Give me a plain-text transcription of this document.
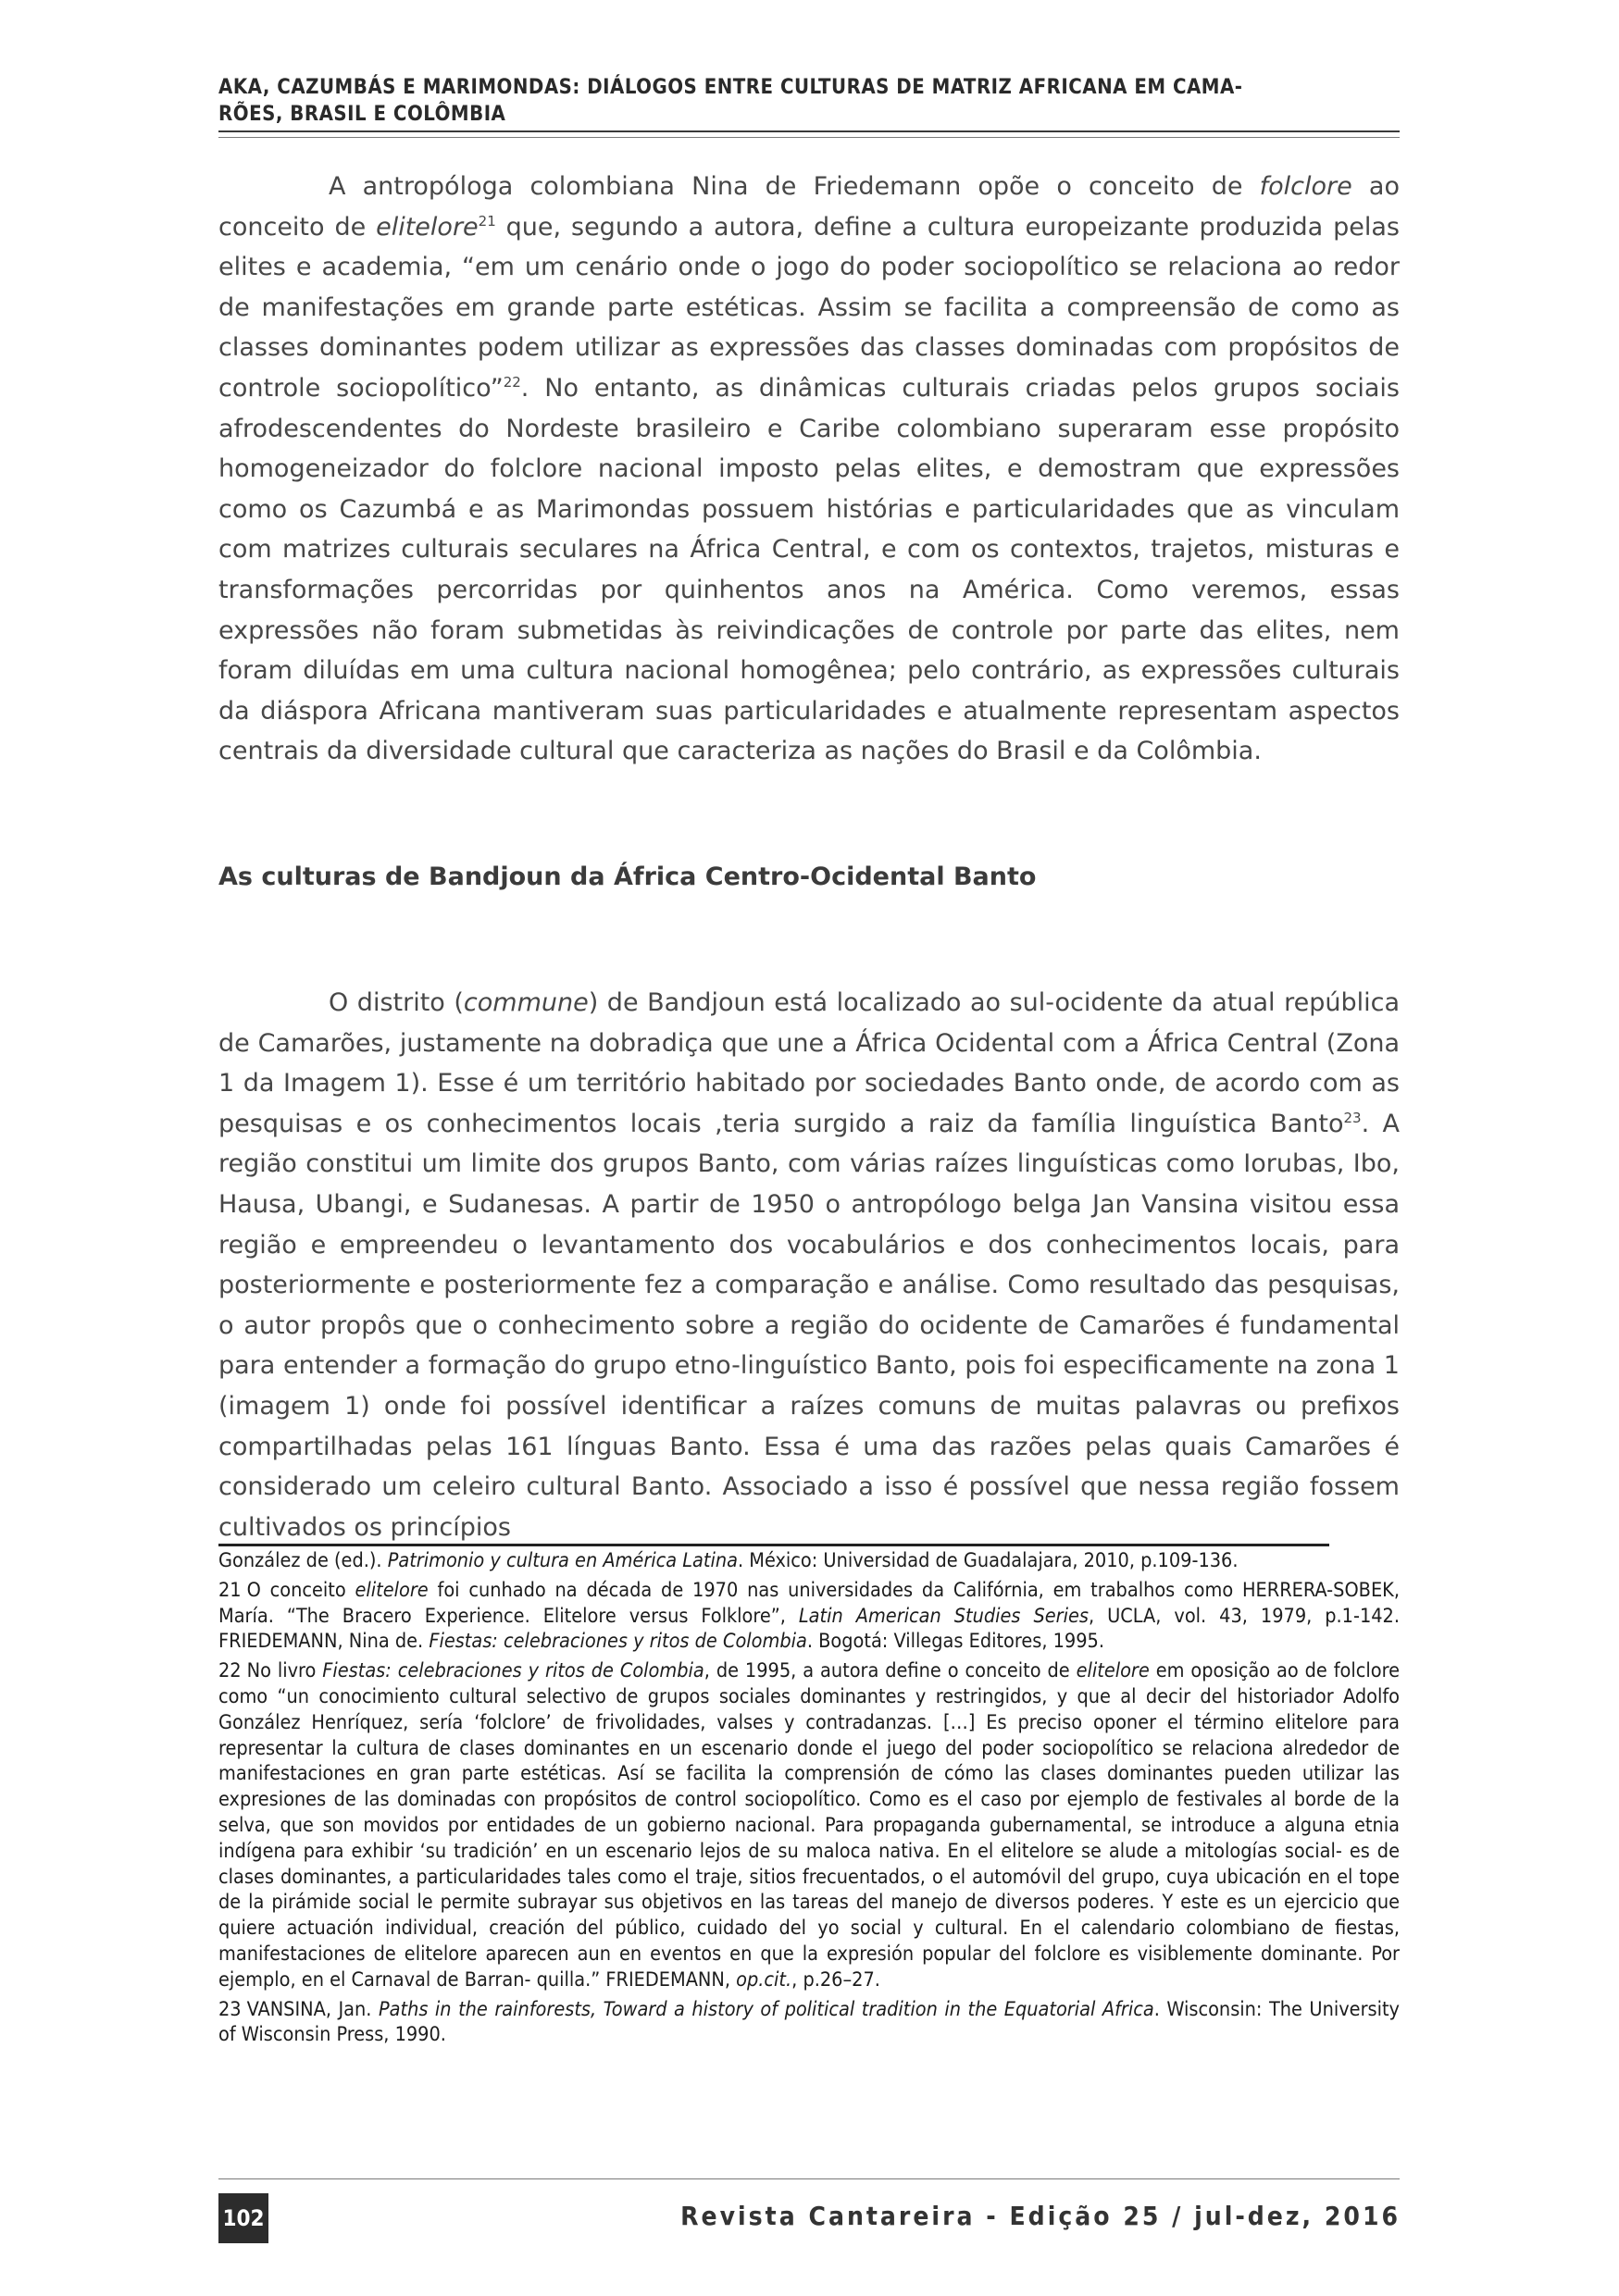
AKA, CAZUMBÁS E MARIMONDAS: DIÁLOGOS ENTRE CULTURAS DE MATRIZ AFRICANA EM CAMA-
RÕES, BRASIL E COLÔMBIA

A antropóloga colombiana Nina de Friedemann opõe o conceito de folclore ao conceito de elitelore$^{21}$ que, segundo a autora, define a cultura europeizante produzida pelas elites e academia, “em um cenário onde o jogo do poder sociopolítico se relaciona ao redor de manifestações em grande parte estéticas. Assim se facilita a compreensão de como as classes dominantes podem utilizar as expressões das classes dominadas com propósitos de controle sociopolítico”$^{22}$. No entanto, as dinâmicas culturais criadas pelos grupos sociais afrodescendentes do Nordeste brasileiro e Caribe colombiano superaram esse propósito homogeneizador do folclore nacional imposto pelas elites, e demostram que expressões como os Cazumbá e as Marimondas possuem histórias e particularidades que as vinculam com matrizes culturais seculares na África Central, e com os contextos, trajetos, misturas e transformações percorridas por quinhentos anos na América. Como veremos, essas expressões não foram submetidas às reivindicações de controle por parte das elites, nem foram diluídas em uma cultura nacional homogênea; pelo contrário, as expressões culturais da diáspora Africana mantiveram suas particularidades e atualmente representam aspectos centrais da diversidade cultural que caracteriza as nações do Brasil e da Colômbia.

As culturas de Bandjoun da África Centro-Ocidental Banto

O distrito (commune) de Bandjoun está localizado ao sul-ocidente da atual república de Camarões, justamente na dobradiça que une a África Ocidental com a África Central (Zona 1 da Imagem 1). Esse é um território habitado por sociedades Banto onde, de acordo com as pesquisas e os conhecimentos locais ,teria surgido a raiz da família linguística Banto$^{23}$. A região constitui um limite dos grupos Banto, com várias raízes linguísticas como Iorubas, Ibo, Hausa, Ubangi, e Sudanesas. A partir de 1950 o antropólogo belga Jan Vansina visitou essa região e empreendeu o levantamento dos vocabulários e dos conhecimentos locais, para posteriormente e posteriormente fez a comparação e análise. Como resultado das pesquisas, o autor propôs que o conhecimento sobre a região do ocidente de Camarões é fundamental para entender a formação do grupo etno-linguístico Banto, pois foi especificamente na zona 1 (imagem 1) onde foi possível identificar a raízes comuns de muitas palavras ou prefixos compartilhadas pelas 161 línguas Banto. Essa é uma das razões pelas quais Camarões é considerado um celeiro cultural Banto. Associado a isso é possível que nessa região fossem cultivados os princípios

González de (ed.). Patrimonio y cultura en América Latina. México: Universidad de Guadalajara, 2010, p.109-136.

21 O conceito elitelore foi cunhado na década de 1970 nas universidades da Califórnia, em trabalhos como HERRERA-SOBEK, María. “The Bracero Experience. Elitelore versus Folklore”, Latin American Studies Series, UCLA, vol. 43, 1979, p.1-142. FRIEDEMANN, Nina de. Fiestas: celebraciones y ritos de Colombia. Bogotá: Villegas Editores, 1995.

22 No livro Fiestas: celebraciones y ritos de Colombia, de 1995, a autora define o conceito de elitelore em oposição ao de folclore como “un conocimiento cultural selectivo de grupos sociales dominantes y restringidos, y que al decir del historiador Adolfo González Henríquez, sería ‘folclore’ de frivolidades, valses y contradanzas. […] Es preciso oponer el término elitelore para representar la cultura de clases dominantes en un escenario donde el juego del poder sociopolítico se relaciona alrededor de manifestaciones en gran parte estéticas. Así se facilita la comprensión de cómo las clases dominantes pueden utilizar las expresiones de las dominadas con propósitos de control sociopolítico. Como es el caso por ejemplo de festivales al borde de la selva, que son movidos por entidades de un gobierno nacional. Para propaganda gubernamental, se introduce a alguna etnia indígena para exhibir ‘su tradición’ en un escenario lejos de su maloca nativa. En el elitelore se alude a mitologías social- es de clases dominantes, a particularidades tales como el traje, sitios frecuentados, o el automóvil del grupo, cuya ubicación en el tope de la pirámide social le permite subrayar sus objetivos en las tareas del manejo de diversos poderes. Y este es un ejercicio que quiere actuación individual, creación del público, cuidado del yo social y cultural. En el calendario colombiano de fiestas, manifestaciones de elitelore aparecen aun en eventos en que la expresión popular del folclore es visiblemente dominante. Por ejemplo, en el Carnaval de Barran- quilla.” FRIEDEMANN, op.cit., p.26–27.

23 VANSINA, Jan. Paths in the rainforests, Toward a history of political tradition in the Equatorial Africa. Wisconsin: The University of Wisconsin Press, 1990.

102	Revista Cantareira - Edição 25 / jul-dez, 2016
